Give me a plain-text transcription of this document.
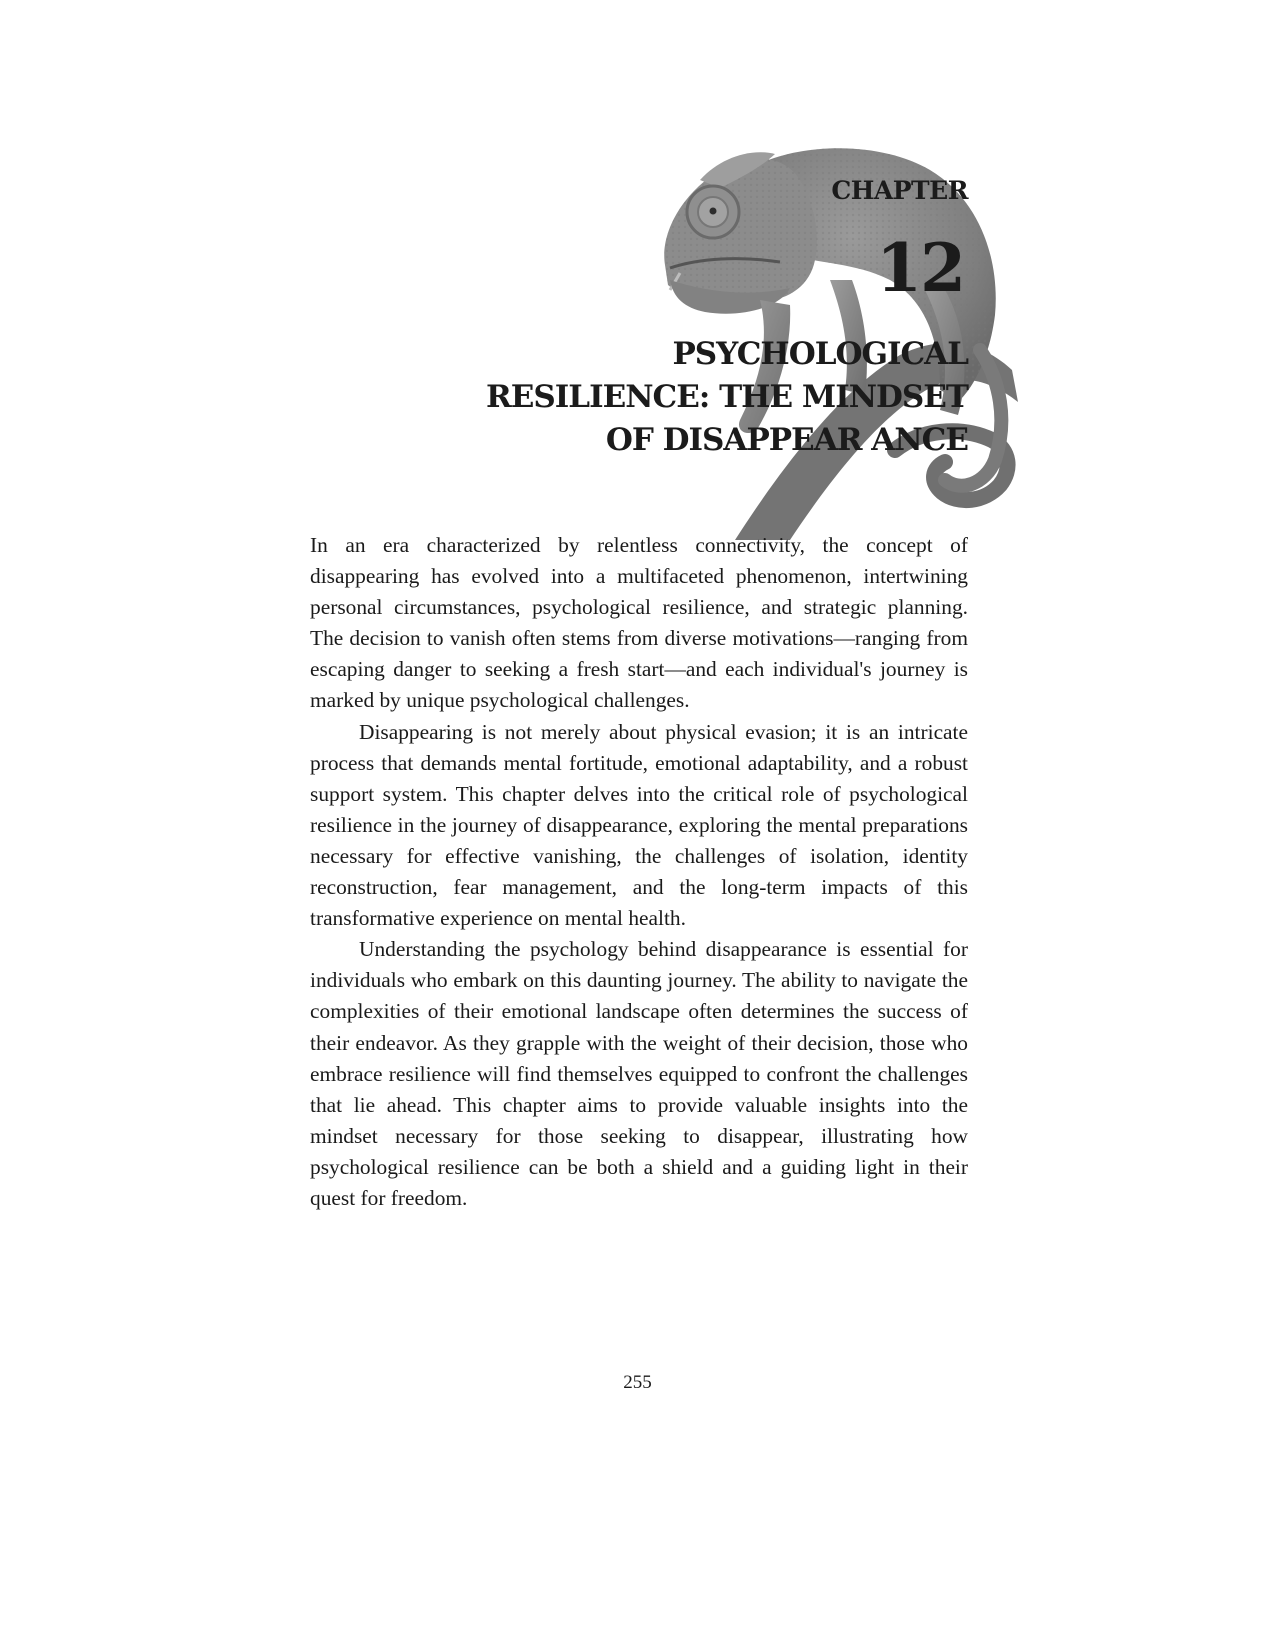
CHAPTER
12
PSYCHOLOGICAL
RESILIENCE: THE MINDSET
OF DISAPPEAR ANCE

In an era characterized by relentless connectivity, the concept of disappearing has evolved into a multifaceted phenomenon, intertwining personal circumstances, psychological resilience, and strategic planning. The decision to vanish often stems from diverse motivations—ranging from escaping danger to seeking a fresh start—and each individual's journey is marked by unique psychological challenges.

Disappearing is not merely about physical evasion; it is an intricate process that demands mental fortitude, emotional adaptability, and a robust support system. This chapter delves into the critical role of psychological resilience in the journey of disappearance, exploring the mental preparations necessary for effective vanishing, the challenges of isolation, identity reconstruction, fear management, and the long-term impacts of this transformative experience on mental health.

Understanding the psychology behind disappearance is essential for individuals who embark on this daunting journey. The ability to navigate the complexities of their emotional landscape often determines the success of their endeavor. As they grapple with the weight of their decision, those who embrace resilience will find themselves equipped to confront the challenges that lie ahead. This chapter aims to provide valuable insights into the mindset necessary for those seeking to disappear, illustrating how psychological resilience can be both a shield and a guiding light in their quest for freedom.

255
